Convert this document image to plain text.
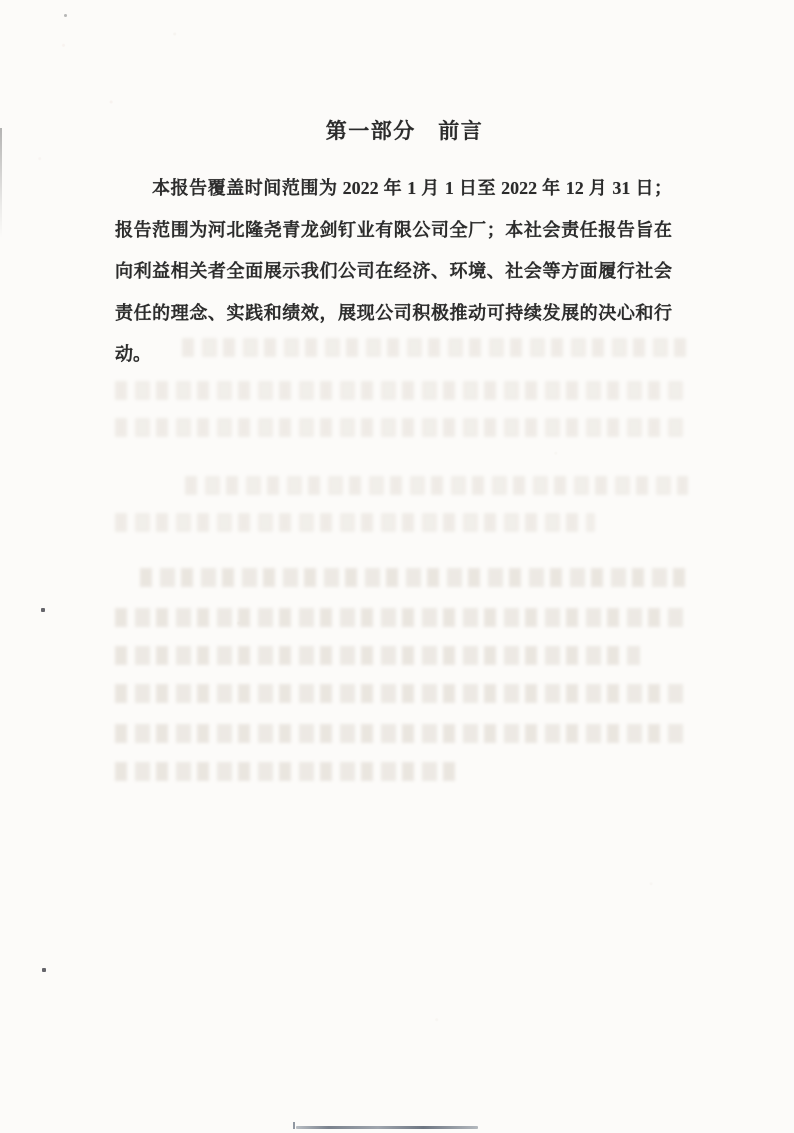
第一部分　前言
本报告覆盖时间范围为 2022 年 1 月 1 日至 2022 年 12 月 31 日；
报告范围为河北隆尧青龙剑钉业有限公司全厂；本社会责任报告旨在
向利益相关者全面展示我们公司在经济、环境、社会等方面履行社会
责任的理念、实践和绩效，展现公司积极推动可持续发展的决心和行
动。
